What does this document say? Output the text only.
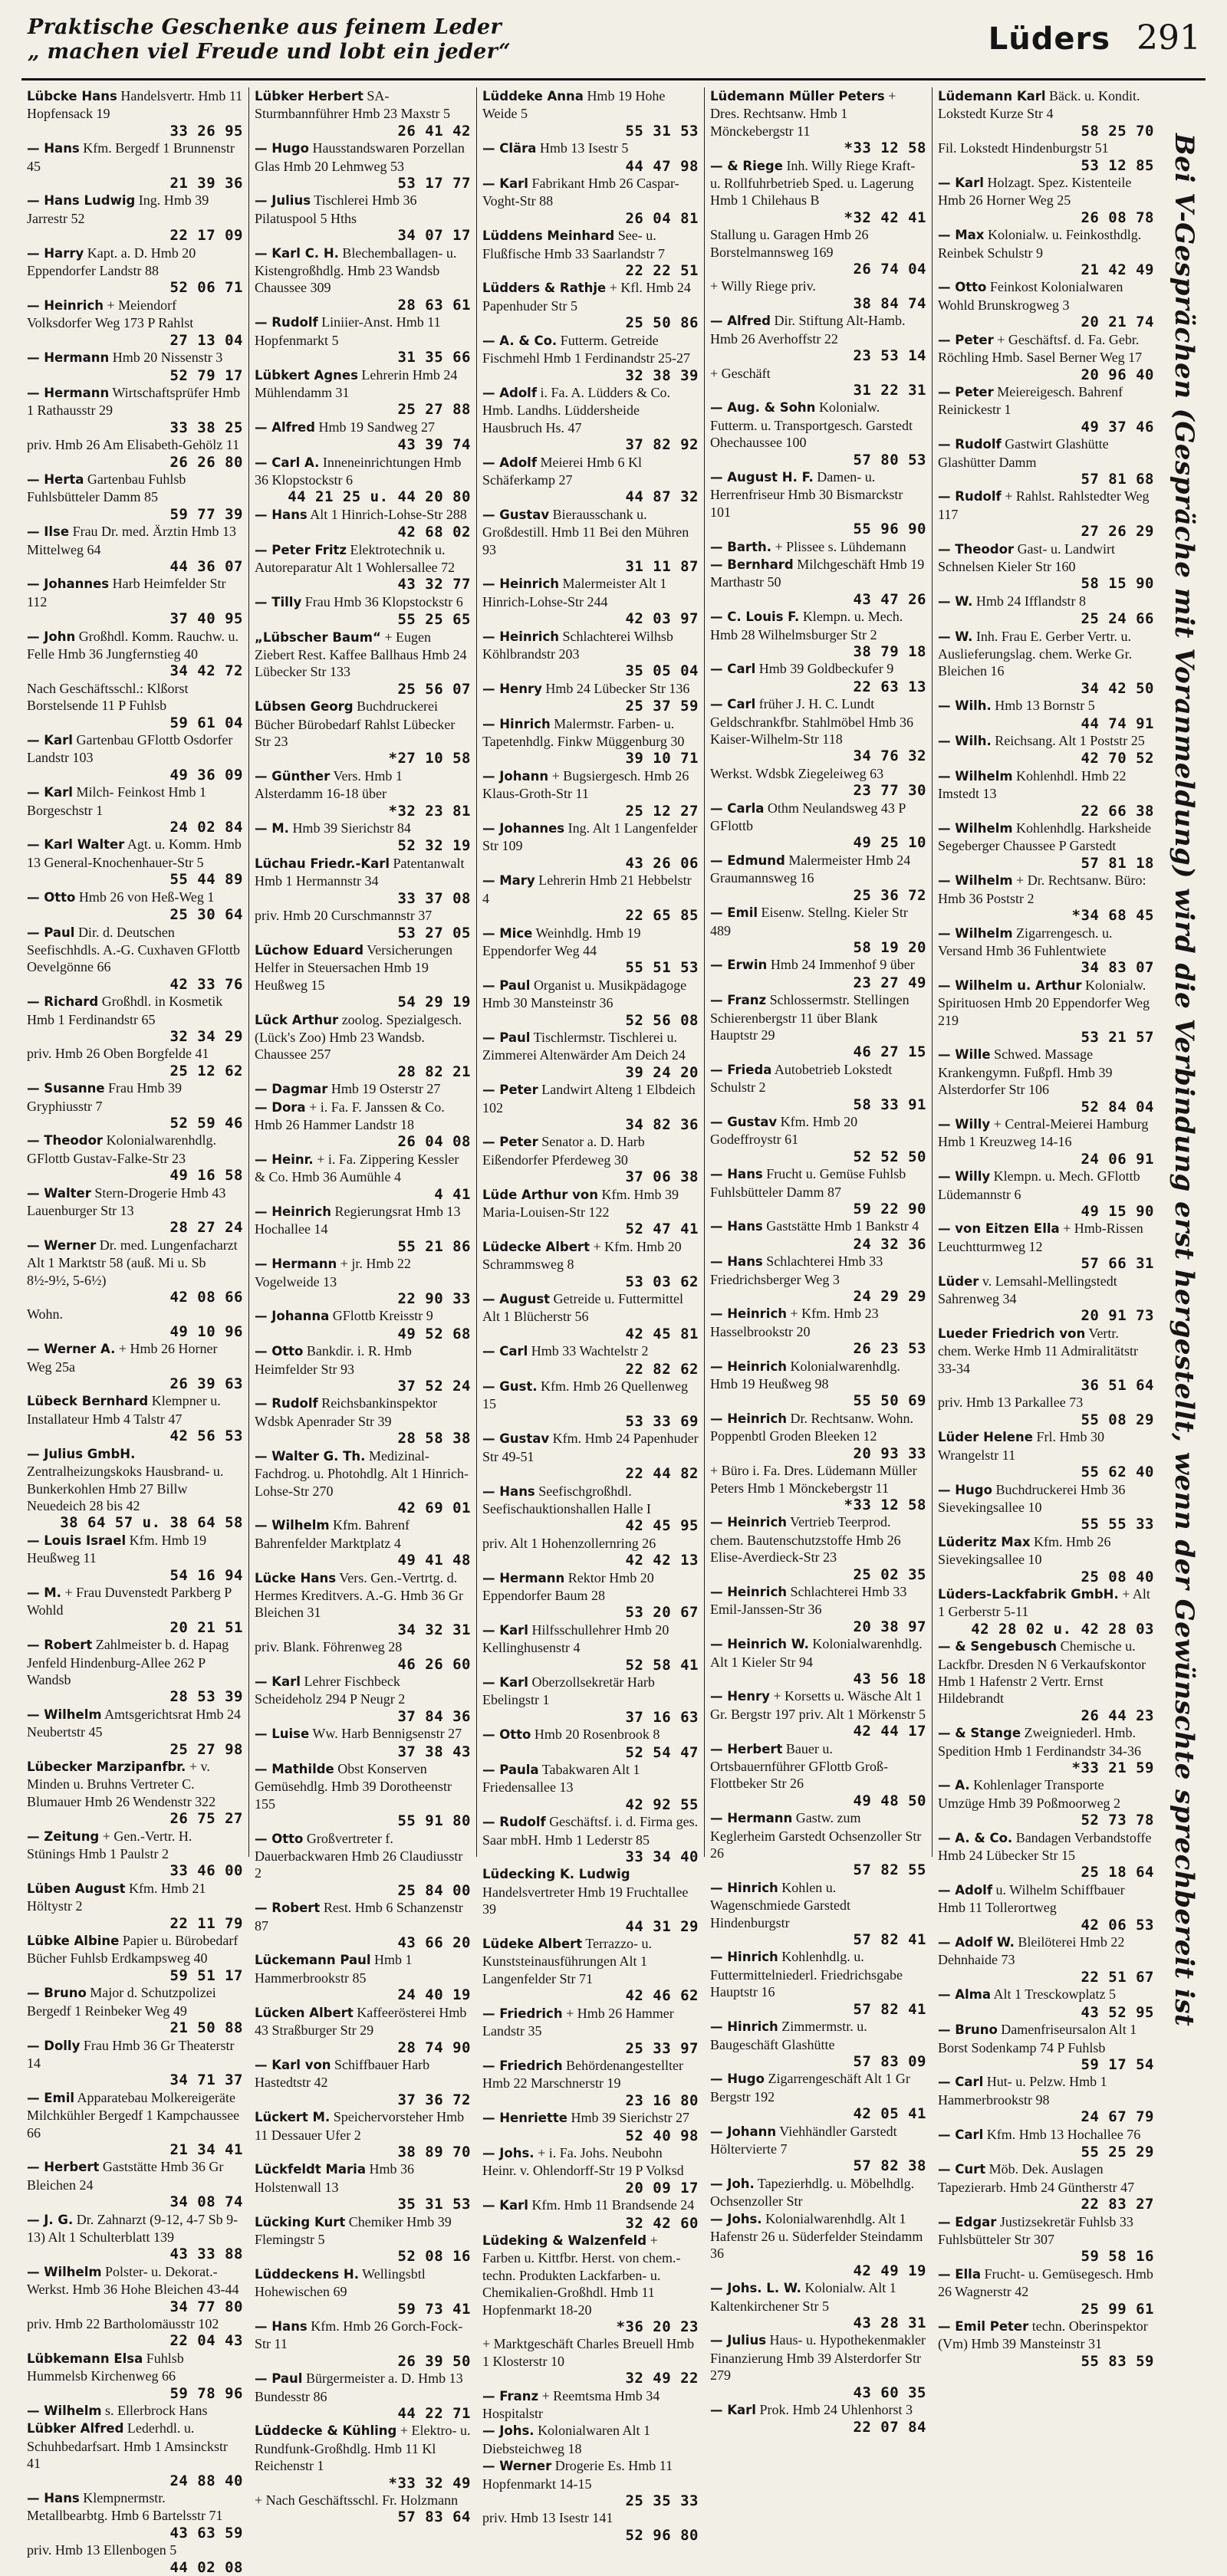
Praktische Geschenke aus feinem Leder
„ machen viel Freude und lobt ein jeder“	Lüders 291
Lübcke Hans Handelsvertr. Hmb 11 Hopfensack 19
33 26 95
— Hans Kfm. Bergedf 1 Brunnenstr 45
21 39 36
— Hans Ludwig Ing. Hmb 39 Jarrestr 52
22 17 09
— Harry Kapt. a. D. Hmb 20 Eppendorfer Landstr 88
52 06 71
— Heinrich + Meiendorf Volksdorfer Weg 173 P Rahlst
27 13 04
— Hermann Hmb 20 Nissenstr 3
52 79 17
— Hermann Wirtschaftsprüfer Hmb 1 Rathausstr 29
33 38 25
priv. Hmb 26 Am Elisabeth-Gehölz 11
26 26 80
— Herta Gartenbau Fuhlsb Fuhlsbütteler Damm 85
59 77 39
— Ilse Frau Dr. med. Ärztin Hmb 13 Mittelweg 64
44 36 07
— Johannes Harb Heimfelder Str 112
37 40 95
— John Großhdl. Komm. Rauchw. u. Felle Hmb 36 Jungfernstieg 40
34 42 72
Nach Geschäftsschl.: Klßorst Borstelsende 11 P Fuhlsb
59 61 04
— Karl Gartenbau GFlottb Osdorfer Landstr 103
49 36 09
— Karl Milch- Feinkost Hmb 1 Borgeschstr 1
24 02 84
— Karl Walter Agt. u. Komm. Hmb 13 General-Knochenhauer-Str 5
55 44 89
— Otto Hmb 26 von Heß-Weg 1
25 30 64
— Paul Dir. d. Deutschen Seefischhdls. A.-G. Cuxhaven GFlottb Oevelgönne 66
42 33 76
— Richard Großhdl. in Kosmetik Hmb 1 Ferdinandstr 65
32 34 29
priv. Hmb 26 Oben Borgfelde 41
25 12 62
— Susanne Frau Hmb 39 Gryphiusstr 7
52 59 46
— Theodor Kolonialwarenhdlg. GFlottb Gustav-Falke-Str 23
49 16 58
— Walter Stern-Drogerie Hmb 43 Lauenburger Str 13
28 27 24
— Werner Dr. med. Lungenfacharzt Alt 1 Marktstr 58 (auß. Mi u. Sb 8½-9½, 5-6½)
42 08 66
Wohn.
49 10 96
— Werner A. + Hmb 26 Horner Weg 25a
26 39 63
Lübeck Bernhard Klempner u. Installateur Hmb 4 Talstr 47
42 56 53
— Julius GmbH. Zentralheizungskoks Hausbrand- u. Bunkerkohlen Hmb 27 Billw Neuedeich 28 bis 42
38 64 57 u. 38 64 58
— Louis Israel Kfm. Hmb 19 Heußweg 11
54 16 94
— M. + Frau Duvenstedt Parkberg P Wohld
20 21 51
— Robert Zahlmeister b. d. Hapag Jenfeld Hindenburg-Allee 262 P Wandsb
28 53 39
— Wilhelm Amtsgerichtsrat Hmb 24 Neubertstr 45
25 27 98
Lübecker Marzipanfbr. + v. Minden u. Bruhns Vertreter C. Blumauer Hmb 26 Wendenstr 322
26 75 27
— Zeitung + Gen.-Vertr. H. Stünings Hmb 1 Paulstr 2
33 46 00
Lüben August Kfm. Hmb 21 Höltystr 2
22 11 79
Lübke Albine Papier u. Bürobedarf Bücher Fuhlsb Erdkampsweg 40
59 51 17
— Bruno Major d. Schutzpolizei Bergedf 1 Reinbeker Weg 49
21 50 88
— Dolly Frau Hmb 36 Gr Theaterstr 14
34 71 37
— Emil Apparatebau Molkereigeräte Milchkühler Bergedf 1 Kampchaussee 66
21 34 41
— Herbert Gaststätte Hmb 36 Gr Bleichen 24
34 08 74
— J. G. Dr. Zahnarzt (9-12, 4-7 Sb 9-13) Alt 1 Schulterblatt 139
43 33 88
— Wilhelm Polster- u. Dekorat.-Werkst. Hmb 36 Hohe Bleichen 43-44
34 77 80
priv. Hmb 22 Bartholomäusstr 102
22 04 43
Lübkemann Elsa Fuhlsb Hummelsb Kirchenweg 66
59 78 96
— Wilhelm s. Ellerbrock Hans
Lübker Alfred Lederhdl. u. Schuhbedarfsart. Hmb 1 Amsinckstr 41
24 88 40
— Hans Klempnermstr. Metallbearbtg. Hmb 6 Bartelsstr 71
43 63 59
priv. Hmb 13 Ellenbogen 5
44 02 08
Lübker Herbert SA-Sturmbannführer Hmb 23 Maxstr 5
26 41 42
— Hugo Hausstandswaren Porzellan Glas Hmb 20 Lehmweg 53
53 17 77
— Julius Tischlerei Hmb 36 Pilatuspool 5 Hths
34 07 17
— Karl C. H. Blechemballagen- u. Kistengroßhdlg. Hmb 23 Wandsb Chaussee 309
28 63 61
— Rudolf Liniier-Anst. Hmb 11 Hopfenmarkt 5
31 35 66
Lübkert Agnes Lehrerin Hmb 24 Mühlendamm 31
25 27 88
— Alfred Hmb 19 Sandweg 27
43 39 74
— Carl A. Inneneinrichtungen Hmb 36 Klopstockstr 6
44 21 25 u. 44 20 80
— Hans Alt 1 Hinrich-Lohse-Str 288
42 68 02
— Peter Fritz Elektrotechnik u. Autoreparatur Alt 1 Wohlersallee 72
43 32 77
— Tilly Frau Hmb 36 Klopstockstr 6
55 25 65
„Lübscher Baum“ + Eugen Ziebert Rest. Kaffee Ballhaus Hmb 24 Lübecker Str 133
25 56 07
Lübsen Georg Buchdruckerei Bücher Bürobedarf Rahlst Lübecker Str 23
*27 10 58
— Günther Vers. Hmb 1 Alsterdamm 16-18 über
*32 23 81
— M. Hmb 39 Sierichstr 84
52 32 19
Lüchau Friedr.-Karl Patentanwalt Hmb 1 Hermannstr 34
33 37 08
priv. Hmb 20 Curschmannstr 37
53 27 05
Lüchow Eduard Versicherungen Helfer in Steuersachen Hmb 19 Heußweg 15
54 29 19
Lück Arthur zoolog. Spezialgesch. (Lück's Zoo) Hmb 23 Wandsb. Chaussee 257
28 82 21
— Dagmar Hmb 19 Osterstr 27
— Dora + i. Fa. F. Janssen & Co. Hmb 26 Hammer Landstr 18
26 04 08
— Heinr. + i. Fa. Zippering Kessler & Co. Hmb 36 Aumühle 4
4 41
— Heinrich Regierungsrat Hmb 13 Hochallee 14
55 21 86
— Hermann + jr. Hmb 22 Vogelweide 13
22 90 33
— Johanna GFlottb Kreisstr 9
49 52 68
— Otto Bankdir. i. R. Hmb Heimfelder Str 93
37 52 24
— Rudolf Reichsbankinspektor Wdsbk Apenrader Str 39
28 58 38
— Walter G. Th. Medizinal-Fachdrog. u. Photohdlg. Alt 1 Hinrich-Lohse-Str 270
42 69 01
— Wilhelm Kfm. Bahrenf Bahrenfelder Marktplatz 4
49 41 48
Lücke Hans Vers. Gen.-Vertrtg. d. Hermes Kreditvers. A.-G. Hmb 36 Gr Bleichen 31
34 32 31
priv. Blank. Föhrenweg 28
46 26 60
— Karl Lehrer Fischbeck Scheideholz 294 P Neugr 2
37 84 36
— Luise Ww. Harb Bennigsenstr 27
37 38 43
— Mathilde Obst Konserven Gemüsehdlg. Hmb 39 Dorotheenstr 155
55 91 80
— Otto Großvertreter f. Dauerbackwaren Hmb 26 Claudiusstr 2
25 84 00
— Robert Rest. Hmb 6 Schanzenstr 87
43 66 20
Lückemann Paul Hmb 1 Hammerbrookstr 85
24 40 19
Lücken Albert Kaffeerösterei Hmb 43 Straßburger Str 29
28 74 90
— Karl von Schiffbauer Harb Hastedtstr 42
37 36 72
Lückert M. Speichervorsteher Hmb 11 Dessauer Ufer 2
38 89 70
Lückfeldt Maria Hmb 36 Holstenwall 13
35 31 53
Lücking Kurt Chemiker Hmb 39 Flemingstr 5
52 08 16
Lüddeckens H. Wellingsbtl Hohewischen 69
59 73 41
— Hans Kfm. Hmb 26 Gorch-Fock-Str 11
26 39 50
— Paul Bürgermeister a. D. Hmb 13 Bundesstr 86
44 22 71
Lüddecke & Kühling + Elektro- u. Rundfunk-Großhdlg. Hmb 11 Kl Reichenstr 1
*33 32 49
+ Nach Geschäftsschl. Fr. Holzmann
57 83 64
Lüddeke Anna Hmb 19 Hohe Weide 5
55 31 53
— Clära Hmb 13 Isestr 5
44 47 98
— Karl Fabrikant Hmb 26 Caspar-Voght-Str 88
26 04 81
Lüddens Meinhard See- u. Flußfische Hmb 33 Saarlandstr 7
22 22 51
Lüdders & Rathje + Kfl. Hmb 24 Papenhuder Str 5
25 50 86
— A. & Co. Futterm. Getreide Fischmehl Hmb 1 Ferdinandstr 25-27
32 38 39
— Adolf i. Fa. A. Lüdders & Co. Hmb. Landhs. Lüddersheide Hausbruch Hs. 47
37 82 92
— Adolf Meierei Hmb 6 Kl Schäferkamp 27
44 87 32
— Gustav Bierausschank u. Großdestill. Hmb 11 Bei den Mühren 93
31 11 87
— Heinrich Malermeister Alt 1 Hinrich-Lohse-Str 244
42 03 97
— Heinrich Schlachterei Wilhsb Köhlbrandstr 203
35 05 04
— Henry Hmb 24 Lübecker Str 136
25 37 59
— Hinrich Malermstr. Farben- u. Tapetenhdlg. Finkw Müggenburg 30
39 10 71
— Johann + Bugsiergesch. Hmb 26 Klaus-Groth-Str 11
25 12 27
— Johannes Ing. Alt 1 Langenfelder Str 109
43 26 06
— Mary Lehrerin Hmb 21 Hebbelstr 4
22 65 85
— Mice Weinhdlg. Hmb 19 Eppendorfer Weg 44
55 51 53
— Paul Organist u. Musikpädagoge Hmb 30 Mansteinstr 36
52 56 08
— Paul Tischlermstr. Tischlerei u. Zimmerei Altenwärder Am Deich 24
39 24 20
— Peter Landwirt Alteng 1 Elbdeich 102
34 82 36
— Peter Senator a. D. Harb Eißendorfer Pferdeweg 30
37 06 38
Lüde Arthur von Kfm. Hmb 39 Maria-Louisen-Str 122
52 47 41
Lüdecke Albert + Kfm. Hmb 20 Schrammsweg 8
53 03 62
— August Getreide u. Futtermittel Alt 1 Blücherstr 56
42 45 81
— Carl Hmb 33 Wachtelstr 2
22 82 62
— Gust. Kfm. Hmb 26 Quellenweg 15
53 33 69
— Gustav Kfm. Hmb 24 Papenhuder Str 49-51
22 44 82
— Hans Seefischgroßhdl. Seefischauktionshallen Halle I
42 45 95
priv. Alt 1 Hohenzollernring 26
42 42 13
— Hermann Rektor Hmb 20 Eppendorfer Baum 28
53 20 67
— Karl Hilfsschullehrer Hmb 20 Kellinghusenstr 4
52 58 41
— Karl Oberzollsekretär Harb Ebelingstr 1
37 16 63
— Otto Hmb 20 Rosenbrook 8
52 54 47
— Paula Tabakwaren Alt 1 Friedensallee 13
42 92 55
— Rudolf Geschäftsf. i. d. Firma ges. Saar mbH. Hmb 1 Lederstr 85
33 34 40
Lüdecking K. Ludwig Handelsvertreter Hmb 19 Fruchtallee 39
44 31 29
Lüdeke Albert Terrazzo- u. Kunststeinausführungen Alt 1 Langenfelder Str 71
42 46 62
— Friedrich + Hmb 26 Hammer Landstr 35
25 33 97
— Friedrich Behördenangestellter Hmb 22 Marschnerstr 19
23 16 80
— Henriette Hmb 39 Sierichstr 27
52 40 98
— Johs. + i. Fa. Johs. Neubohn Heinr. v. Ohlendorff-Str 19 P Volksd
20 09 17
— Karl Kfm. Hmb 11 Brandsende 24
32 42 60
Lüdeking & Walzenfeld + Farben u. Kittfbr. Herst. von chem.-techn. Produkten Lackfarben- u. Chemikalien-Großhdl. Hmb 11 Hopfenmarkt 18-20
*36 20 23
+ Marktgeschäft Charles Breuell Hmb 1 Klosterstr 10
32 49 22
— Franz + Reemtsma Hmb 34 Hospitalstr
— Johs. Kolonialwaren Alt 1 Diebsteichweg 18
— Werner Drogerie Es. Hmb 11 Hopfenmarkt 14-15
25 35 33
priv. Hmb 13 Isestr 141
52 96 80
Lüdemann Müller Peters + Dres. Rechtsanw. Hmb 1 Mönckebergstr 11
*33 12 58
— & Riege Inh. Willy Riege Kraft- u. Rollfuhrbetrieb Sped. u. Lagerung Hmb 1 Chilehaus B
*32 42 41
Stallung u. Garagen Hmb 26 Borstelmannsweg 169
26 74 04
+ Willy Riege priv.
38 84 74
— Alfred Dir. Stiftung Alt-Hamb. Hmb 26 Averhoffstr 22
23 53 14
+ Geschäft
31 22 31
— Aug. & Sohn Kolonialw. Futterm. u. Transportgesch. Garstedt Ohechaussee 100
57 80 53
— August H. F. Damen- u. Herrenfriseur Hmb 30 Bismarckstr 101
55 96 90
— Barth. + Plissee s. Lühdemann
— Bernhard Milchgeschäft Hmb 19 Marthastr 50
43 47 26
— C. Louis F. Klempn. u. Mech. Hmb 28 Wilhelmsburger Str 2
38 79 18
— Carl Hmb 39 Goldbeckufer 9
22 63 13
— Carl früher J. H. C. Lundt Geldschrankfbr. Stahlmöbel Hmb 36 Kaiser-Wilhelm-Str 118
34 76 32
Werkst. Wdsbk Ziegeleiweg 63
23 77 30
— Carla Othm Neulandsweg 43 P GFlottb
49 25 10
— Edmund Malermeister Hmb 24 Graumannsweg 16
25 36 72
— Emil Eisenw. Stellng. Kieler Str 489
58 19 20
— Erwin Hmb 24 Immenhof 9 über
23 27 49
— Franz Schlossermstr. Stellingen Schierenbergstr 11 über Blank Hauptstr 29
46 27 15
— Frieda Autobetrieb Lokstedt Schulstr 2
58 33 91
— Gustav Kfm. Hmb 20 Godeffroystr 61
52 52 50
— Hans Frucht u. Gemüse Fuhlsb Fuhlsbütteler Damm 87
59 22 90
— Hans Gaststätte Hmb 1 Bankstr 4
24 32 36
— Hans Schlachterei Hmb 33 Friedrichsberger Weg 3
24 29 29
— Heinrich + Kfm. Hmb 23 Hasselbrookstr 20
26 23 53
— Heinrich Kolonialwarenhdlg. Hmb 19 Heußweg 98
55 50 69
— Heinrich Dr. Rechtsanw. Wohn. Poppenbtl Groden Bleeken 12
20 93 33
+ Büro i. Fa. Dres. Lüdemann Müller Peters Hmb 1 Mönckebergstr 11
*33 12 58
— Heinrich Vertrieb Teerprod. chem. Bautenschutzstoffe Hmb 26 Elise-Averdieck-Str 23
25 02 35
— Heinrich Schlachterei Hmb 33 Emil-Janssen-Str 36
20 38 97
— Heinrich W. Kolonialwarenhdlg. Alt 1 Kieler Str 94
43 56 18
— Henry + Korsetts u. Wäsche Alt 1 Gr. Bergstr 197 priv. Alt 1 Mörkenstr 5
42 44 17
— Herbert Bauer u. Ortsbauernführer GFlottb Groß-Flottbeker Str 26
49 48 50
— Hermann Gastw. zum Keglerheim Garstedt Ochsenzoller Str 26
57 82 55
— Hinrich Kohlen u. Wagenschmiede Garstedt Hindenburgstr
57 82 41
— Hinrich Kohlenhdlg. u. Futtermittelniederl. Friedrichsgabe Hauptstr 16
57 82 41
— Hinrich Zimmermstr. u. Baugeschäft Glashütte
57 83 09
— Hugo Zigarrengeschäft Alt 1 Gr Bergstr 192
42 05 41
— Johann Viehhändler Garstedt Höltervierte 7
57 82 38
— Joh. Tapezierhdlg. u. Möbelhdlg. Ochsenzoller Str
— Johs. Kolonialwarenhdlg. Alt 1 Hafenstr 26 u. Süderfelder Steindamm 36
42 49 19
— Johs. L. W. Kolonialw. Alt 1 Kaltenkirchener Str 5
43 28 31
— Julius Haus- u. Hypothekenmakler Finanzierung Hmb 39 Alsterdorfer Str 279
43 60 35
— Karl Prok. Hmb 24 Uhlenhorst 3
22 07 84
Lüdemann Karl Bäck. u. Kondit. Lokstedt Kurze Str 4
58 25 70
Fil. Lokstedt Hindenburgstr 51
53 12 85
— Karl Holzagt. Spez. Kistenteile Hmb 26 Horner Weg 25
26 08 78
— Max Kolonialw. u. Feinkosthdlg. Reinbek Schulstr 9
21 42 49
— Otto Feinkost Kolonialwaren Wohld Brunskrogweg 3
20 21 74
— Peter + Geschäftsf. d. Fa. Gebr. Röchling Hmb. Sasel Berner Weg 17
20 96 40
— Peter Meiereigesch. Bahrenf Reinickestr 1
49 37 46
— Rudolf Gastwirt Glashütte Glashütter Damm
57 81 68
— Rudolf + Rahlst. Rahlstedter Weg 117
27 26 29
— Theodor Gast- u. Landwirt Schnelsen Kieler Str 160
58 15 90
— W. Hmb 24 Ifflandstr 8
25 24 66
— W. Inh. Frau E. Gerber Vertr. u. Auslieferungslag. chem. Werke Gr. Bleichen 16
34 42 50
— Wilh. Hmb 13 Bornstr 5
44 74 91
— Wilh. Reichsang. Alt 1 Poststr 25
42 70 52
— Wilhelm Kohlenhdl. Hmb 22 Imstedt 13
22 66 38
— Wilhelm Kohlenhdlg. Harksheide Segeberger Chaussee P Garstedt
57 81 18
— Wilhelm + Dr. Rechtsanw. Büro: Hmb 36 Poststr 2
*34 68 45
— Wilhelm Zigarrengesch. u. Versand Hmb 36 Fuhlentwiete
34 83 07
— Wilhelm u. Arthur Kolonialw. Spirituosen Hmb 20 Eppendorfer Weg 219
53 21 57
— Wille Schwed. Massage Krankengymn. Fußpfl. Hmb 39 Alsterdorfer Str 106
52 84 04
— Willy + Central-Meierei Hamburg Hmb 1 Kreuzweg 14-16
24 06 91
— Willy Klempn. u. Mech. GFlottb Lüdemannstr 6
49 15 90
— von Eitzen Ella + Hmb-Rissen Leuchtturmweg 12
57 66 31
Lüder v. Lemsahl-Mellingstedt Sahrenweg 34
20 91 73
Lueder Friedrich von Vertr. chem. Werke Hmb 11 Admiralitätstr 33-34
36 51 64
priv. Hmb 13 Parkallee 73
55 08 29
Lüder Helene Frl. Hmb 30 Wrangelstr 11
55 62 40
— Hugo Buchdruckerei Hmb 36 Sievekingsallee 10
55 55 33
Lüderitz Max Kfm. Hmb 26 Sievekingsallee 10
25 08 40
Lüders-Lackfabrik GmbH. + Alt 1 Gerberstr 5-11
42 28 02 u. 42 28 03
— & Sengebusch Chemische u. Lackfbr. Dresden N 6 Verkaufskontor Hmb 1 Hafenstr 2 Vertr. Ernst Hildebrandt
26 44 23
— & Stange Zweigniederl. Hmb. Spedition Hmb 1 Ferdinandstr 34-36
*33 21 59
— A. Kohlenlager Transporte Umzüge Hmb 39 Poßmoorweg 2
52 73 78
— A. & Co. Bandagen Verbandstoffe Hmb 24 Lübecker Str 15
25 18 64
— Adolf u. Wilhelm Schiffbauer Hmb 11 Tollerortweg
42 06 53
— Adolf W. Bleilöterei Hmb 22 Dehnhaide 73
22 51 67
— Alma Alt 1 Tresckowplatz 5
43 52 95
— Bruno Damenfriseursalon Alt 1 Borst Sodenkamp 74 P Fuhlsb
59 17 54
— Carl Hut- u. Pelzw. Hmb 1 Hammerbrookstr 98
24 67 79
— Carl Kfm. Hmb 13 Hochallee 76
55 25 29
— Curt Möb. Dek. Auslagen Tapezierarb. Hmb 24 Güntherstr 47
22 83 27
— Edgar Justizsekretär Fuhlsb 33 Fuhlsbütteler Str 307
59 58 16
— Ella Frucht- u. Gemüsegesch. Hmb 26 Wagnerstr 42
25 99 61
— Emil Peter techn. Oberinspektor (Vm) Hmb 39 Mansteinstr 31
55 83 59
Bei V-Gesprächen (Gespräche mit Voranmeldung) wird die Verbindung erst hergestellt, wenn der Gewünschte sprechbereit ist
